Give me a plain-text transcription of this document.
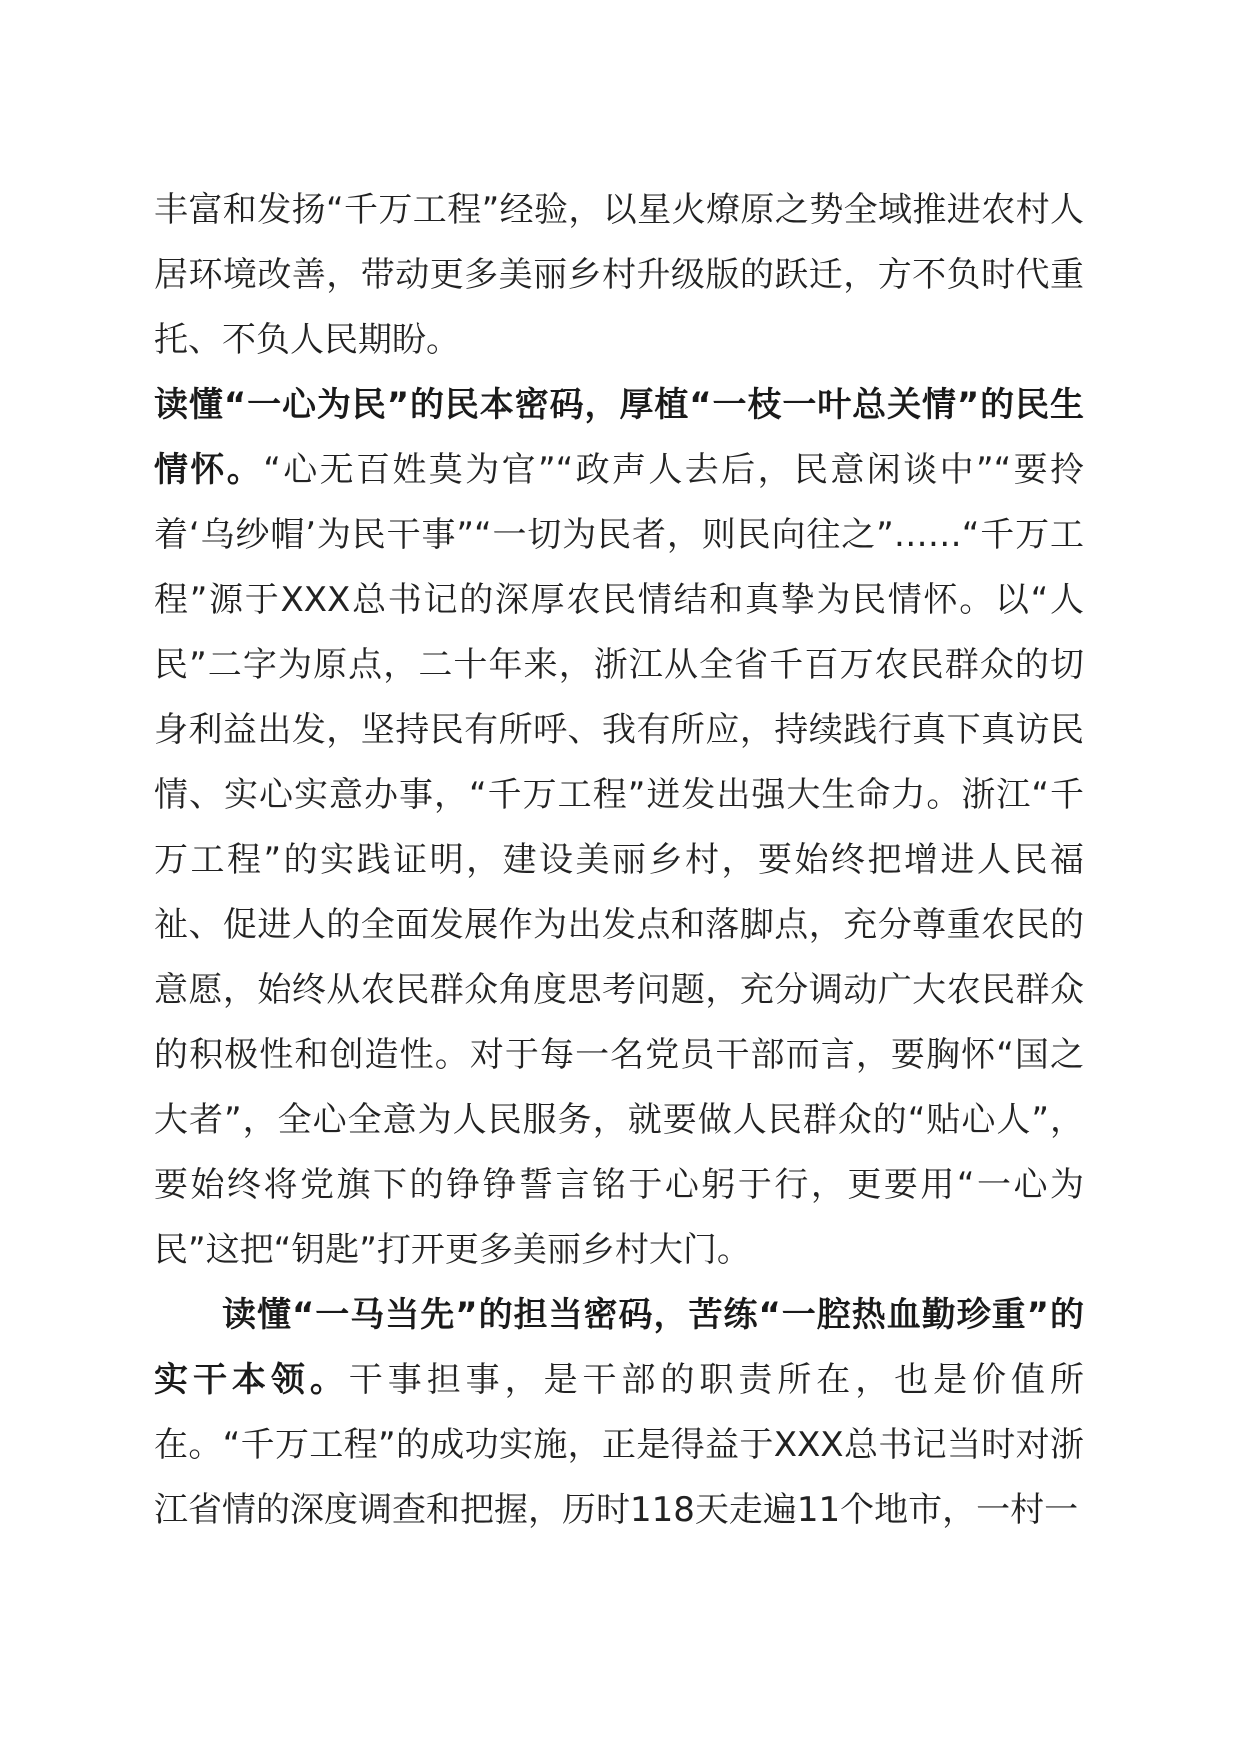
丰富和发扬“千万工程”经验，以星火燎原之势全域推进农村人居环境改善，带动更多美丽乡村升级版的跃迁，方不负时代重托、不负人民期盼。

读懂“一心为民”的民本密码，厚植“一枝一叶总关情”的民生情怀。“心无百姓莫为官”“政声人去后，民意闲谈中”“要拎着‘乌纱帽’为民干事”“一切为民者，则民向往之”……“千万工程”源于XXX总书记的深厚农民情结和真挚为民情怀。以“人民”二字为原点，二十年来，浙江从全省千百万农民群众的切身利益出发，坚持民有所呼、我有所应，持续践行真下真访民情、实心实意办事，“千万工程”迸发出强大生命力。浙江“千万工程”的实践证明，建设美丽乡村，要始终把增进人民福祉、促进人的全面发展作为出发点和落脚点，充分尊重农民的意愿，始终从农民群众角度思考问题，充分调动广大农民群众的积极性和创造性。对于每一名党员干部而言，要胸怀“国之大者”，全心全意为人民服务，就要做人民群众的“贴心人”，要始终将党旗下的铮铮誓言铭于心躬于行，更要用“一心为民”这把“钥匙”打开更多美丽乡村大门。

读懂“一马当先”的担当密码，苦练“一腔热血勤珍重”的实干本领。干事担事，是干部的职责所在，也是价值所在。“千万工程”的成功实施，正是得益于XXX总书记当时对浙江省情的深度调查和把握，历时118天走遍11个地市，一村一
